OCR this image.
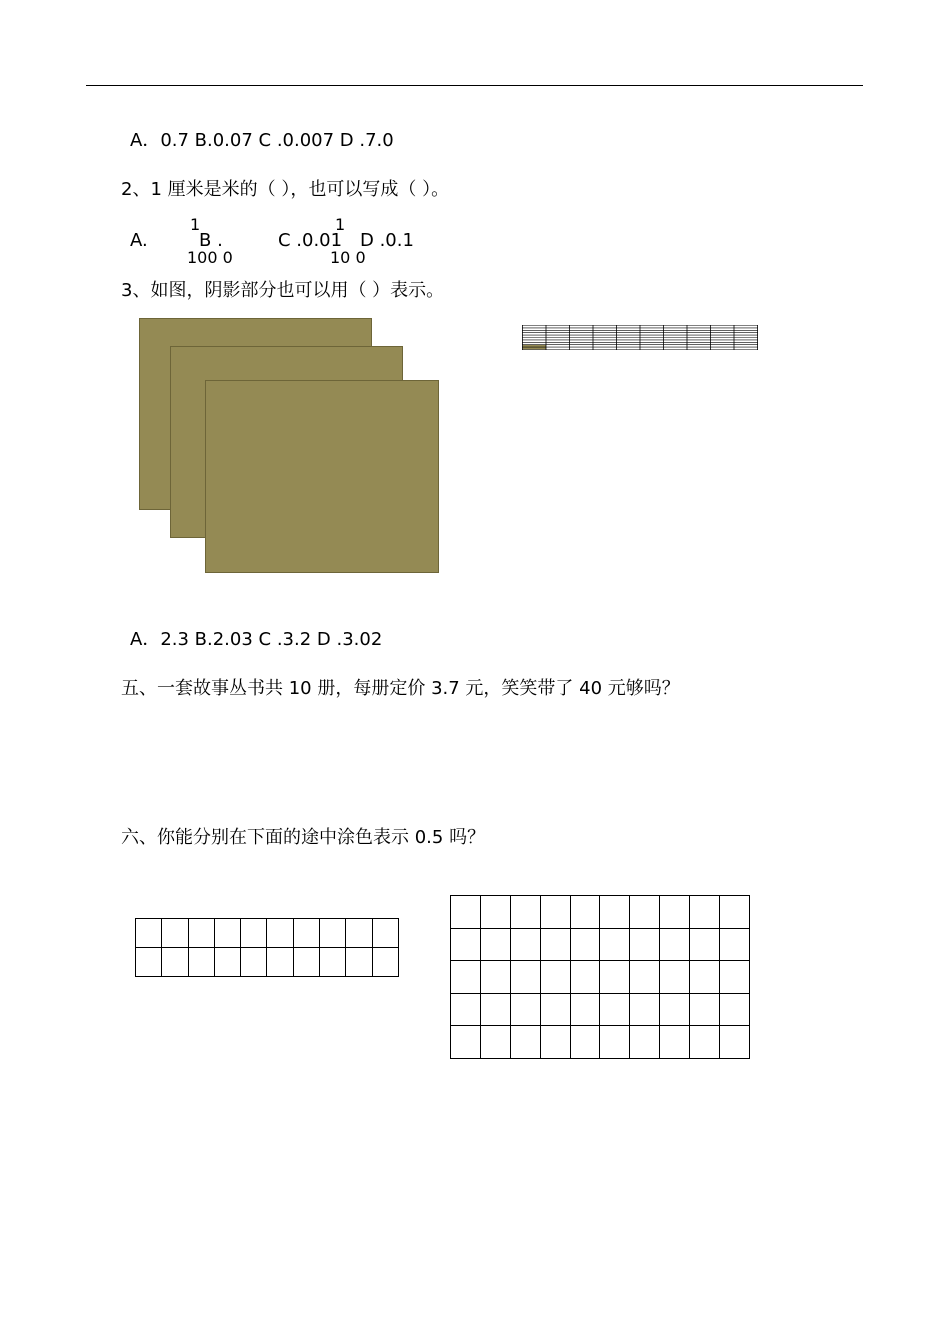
A．0.7 B.0.07 C .0.007 D .7.0
2、1 厘米是米的（ ），也可以写成（ ）。
A.
1
B .
100 0
C .0.01
1
10 0
D .0.1
3、如图，阴影部分也可以用（ ）表示。
A．2.3 B.2.03 C .3.2 D .3.02
五、一套故事丛书共 10 册，每册定价 3.7 元，笑笑带了 40 元够吗？
六、你能分别在下面的途中涂色表示 0.5 吗？
